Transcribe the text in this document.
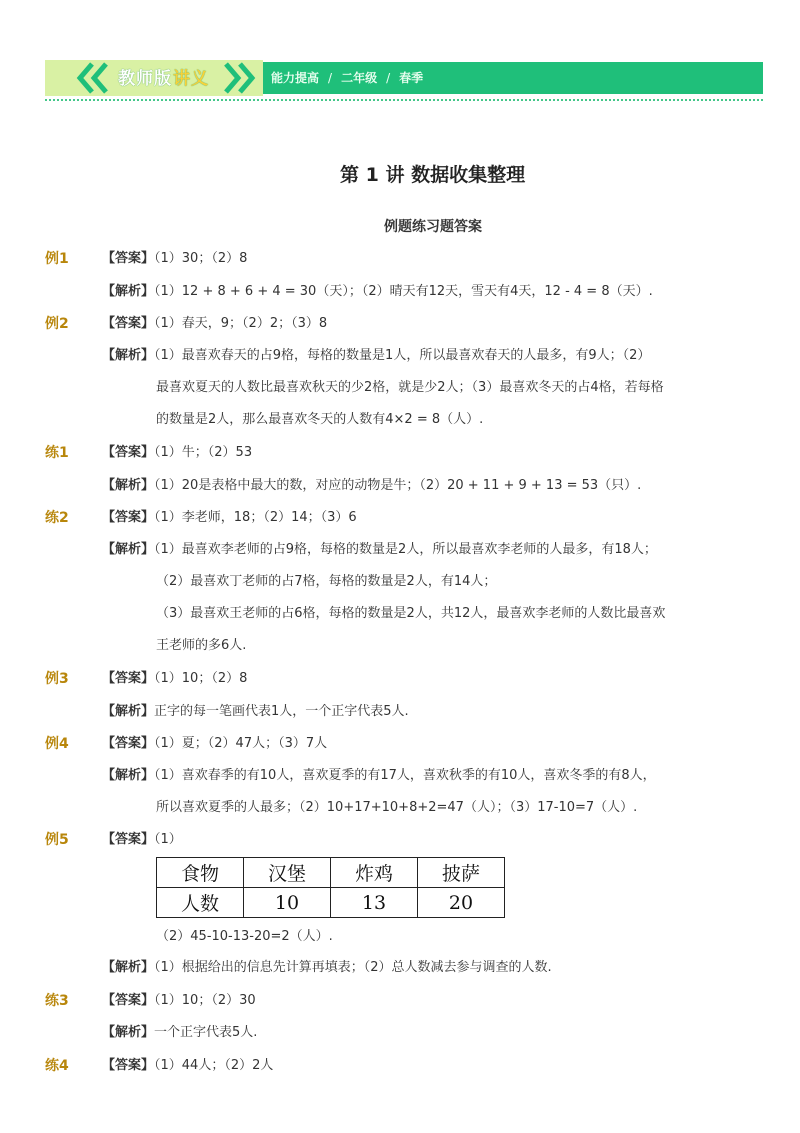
教师版讲义	能力提高 / 二年级 / 春季
第 1 讲 数据收集整理
例题练习题答案
例1	【答案】（1）30；（2）8
【解析】（1）12 + 8 + 6 + 4 = 30（天）；（2）晴天有12天，雪天有4天，12 - 4 = 8（天）.
例2	【答案】（1）春天，9；（2）2；（3）8
【解析】（1）最喜欢春天的占9格，每格的数量是1人，所以最喜欢春天的人最多，有9人；（2）
最喜欢夏天的人数比最喜欢秋天的少2格，就是少2人；（3）最喜欢冬天的占4格，若每格
的数量是2人，那么最喜欢冬天的人数有4×2 = 8（人）.
练1	【答案】（1）牛；（2）53
【解析】（1）20是表格中最大的数，对应的动物是牛；（2）20 + 11 + 9 + 13 = 53（只）.
练2	【答案】（1）李老师，18；（2）14；（3）6
【解析】（1）最喜欢李老师的占9格，每格的数量是2人，所以最喜欢李老师的人最多，有18人；
（2）最喜欢丁老师的占7格，每格的数量是2人，有14人；
（3）最喜欢王老师的占6格，每格的数量是2人，共12人，最喜欢李老师的人数比最喜欢
王老师的多6人.
例3	【答案】（1）10；（2）8
【解析】正字的每一笔画代表1人，一个正字代表5人.
例4	【答案】（1）夏；（2）47人；（3）7人
【解析】（1）喜欢春季的有10人，喜欢夏季的有17人，喜欢秋季的有10人，喜欢冬季的有8人，
所以喜欢夏季的人最多；（2）10+17+10+8+2=47（人）；（3）17-10=7（人）.
例5	【答案】（1）
食物	汉堡	炸鸡	披萨
人数	10	13	20
（2）45-10-13-20=2（人）.
【解析】（1）根据给出的信息先计算再填表；（2）总人数减去参与调查的人数.
练3	【答案】（1）10；（2）30
【解析】一个正字代表5人.
练4	【答案】（1）44人；（2）2人
